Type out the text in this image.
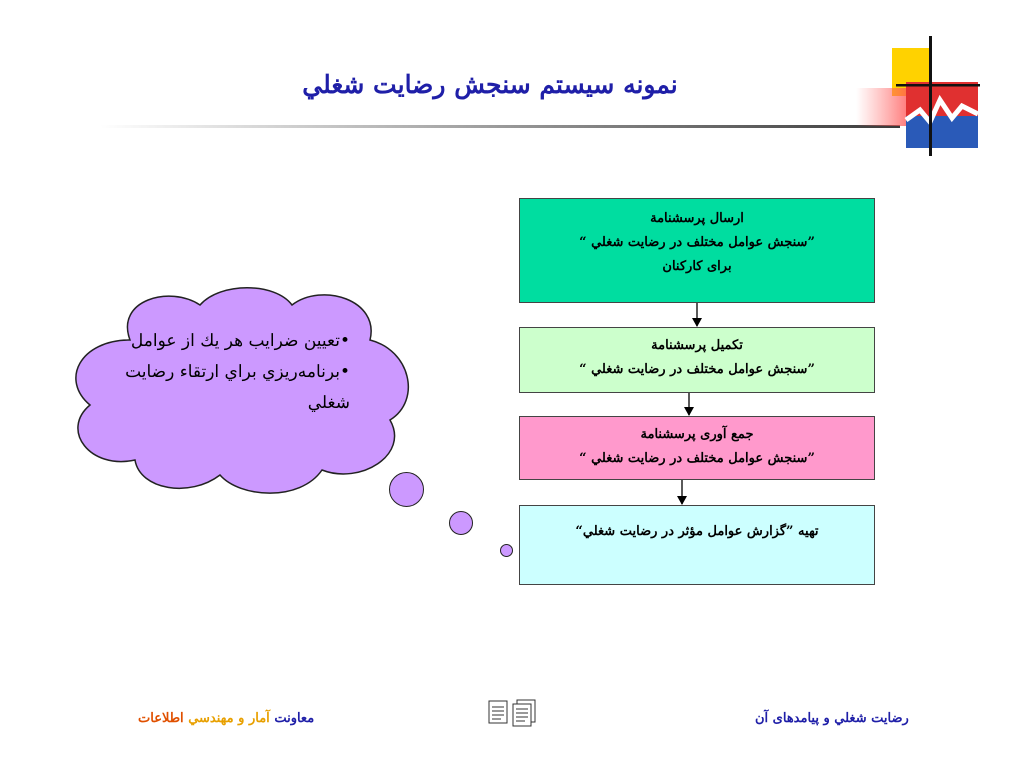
نمونه سيستم سنجش رضايت شغلي
ارسال پرسشنامة
”سنجش عوامل مختلف در رضايت شغلي “
براى كاركنان
تكميل پرسشنامة
”سنجش عوامل مختلف در رضايت شغلي “
جمع آورى پرسشنامة
”سنجش عوامل مختلف در رضايت شغلي “
تهيه ”گزارش عوامل مؤثر در رضايت شغلي“
•تعيين ضرايب هر يك از عوامل
•برنامه‌ريزي براي ارتقاء رضايت شغلي
معاونت آمار و مهندسي اطلاعات	رضايت شغلي و پيامدهاى آن
